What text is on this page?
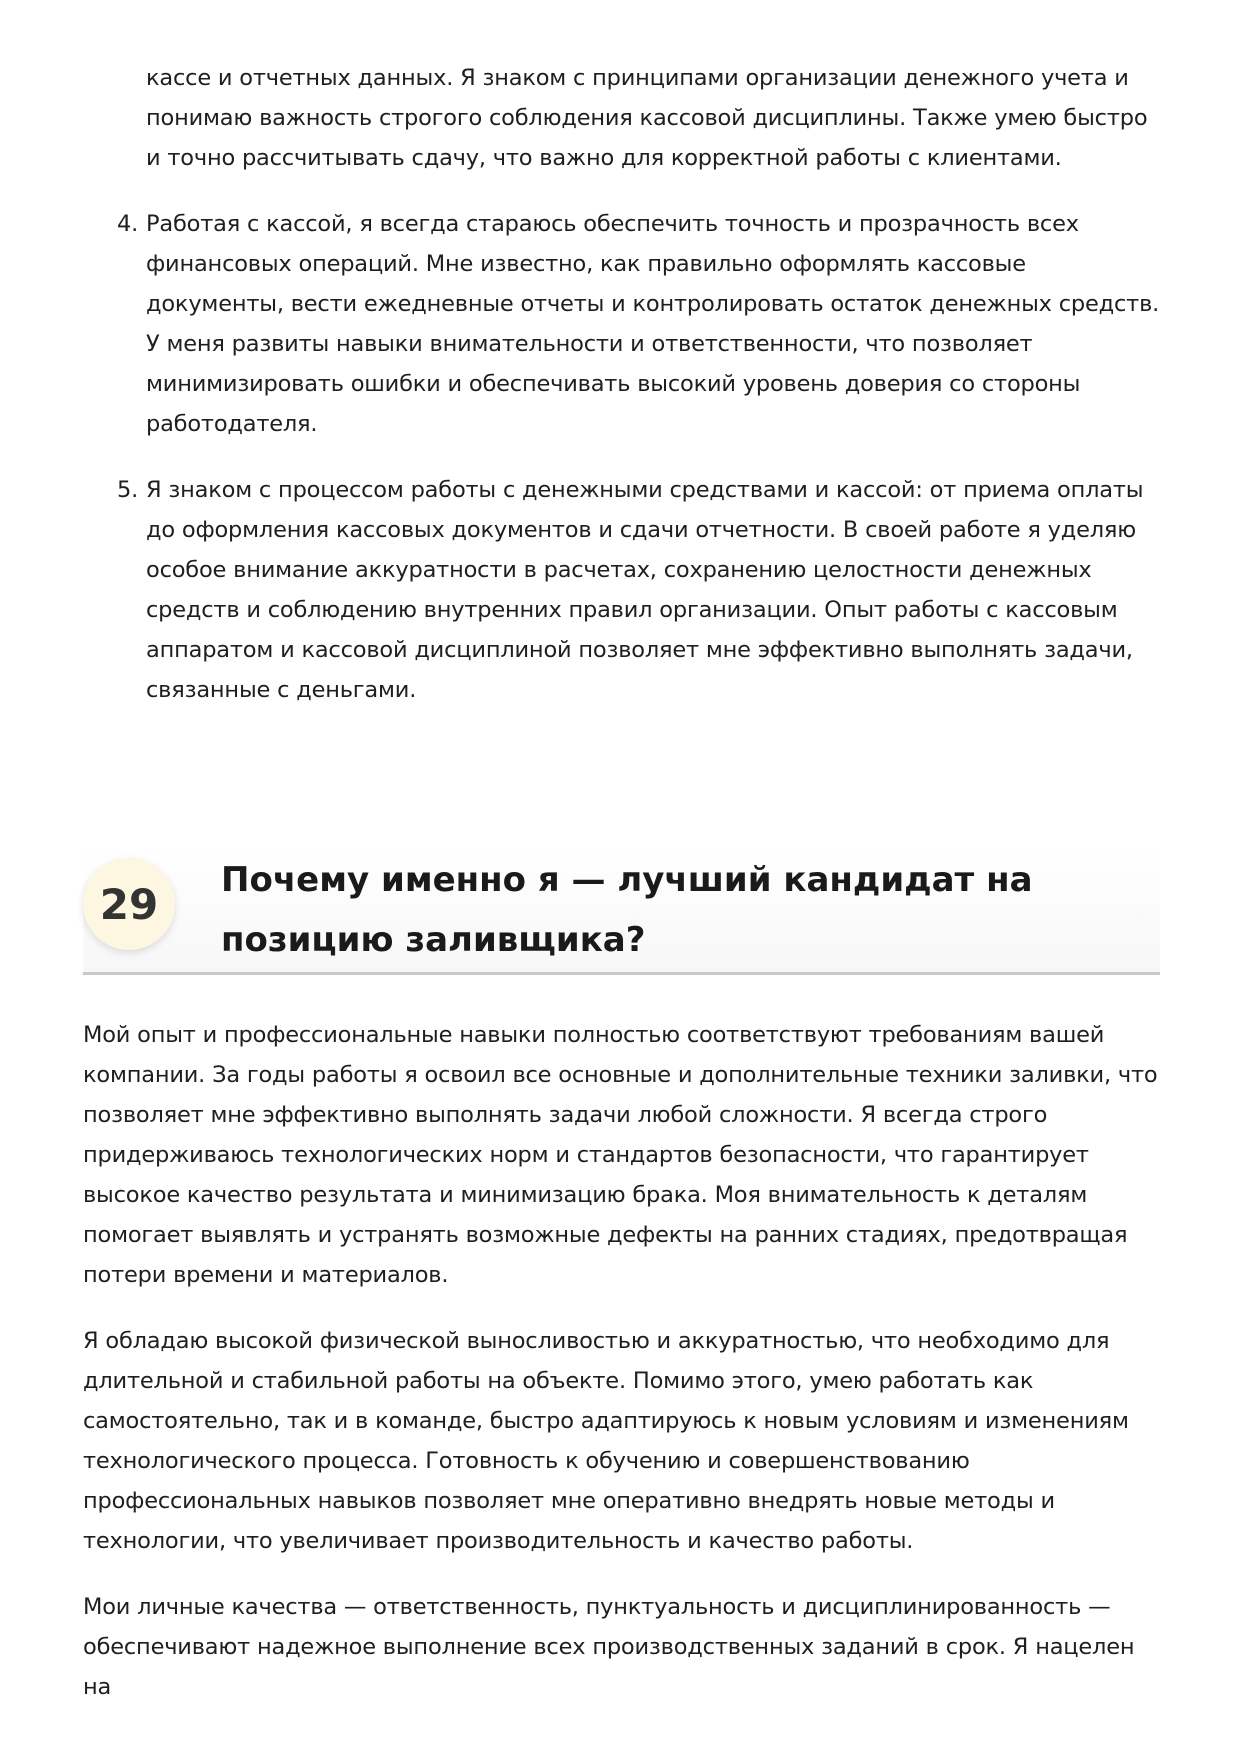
кассе и отчетных данных. Я знаком с принципами организации денежного учета и понимаю важность строгого соблюдения кассовой дисциплины. Также умею быстро и точно рассчитывать сдачу, что важно для корректной работы с клиентами.
4. Работая с кассой, я всегда стараюсь обеспечить точность и прозрачность всех финансовых операций. Мне известно, как правильно оформлять кассовые документы, вести ежедневные отчеты и контролировать остаток денежных средств. У меня развиты навыки внимательности и ответственности, что позволяет минимизировать ошибки и обеспечивать высокий уровень доверия со стороны работодателя.
5. Я знаком с процессом работы с денежными средствами и кассой: от приема оплаты до оформления кассовых документов и сдачи отчетности. В своей работе я уделяю особое внимание аккуратности в расчетах, сохранению целостности денежных средств и соблюдению внутренних правил организации. Опыт работы с кассовым аппаратом и кассовой дисциплиной позволяет мне эффективно выполнять задачи, связанные с деньгами.
29	Почему именно я — лучший кандидат на позицию заливщика?

Мой опыт и профессиональные навыки полностью соответствуют требованиям вашей компании. За годы работы я освоил все основные и дополнительные техники заливки, что позволяет мне эффективно выполнять задачи любой сложности. Я всегда строго придерживаюсь технологических норм и стандартов безопасности, что гарантирует высокое качество результата и минимизацию брака. Моя внимательность к деталям помогает выявлять и устранять возможные дефекты на ранних стадиях, предотвращая потери времени и материалов.

Я обладаю высокой физической выносливостью и аккуратностью, что необходимо для длительной и стабильной работы на объекте. Помимо этого, умею работать как самостоятельно, так и в команде, быстро адаптируюсь к новым условиям и изменениям технологического процесса. Готовность к обучению и совершенствованию профессиональных навыков позволяет мне оперативно внедрять новые методы и технологии, что увеличивает производительность и качество работы.

Мои личные качества — ответственность, пунктуальность и дисциплинированность — обеспечивают надежное выполнение всех производственных заданий в срок. Я нацелен на
